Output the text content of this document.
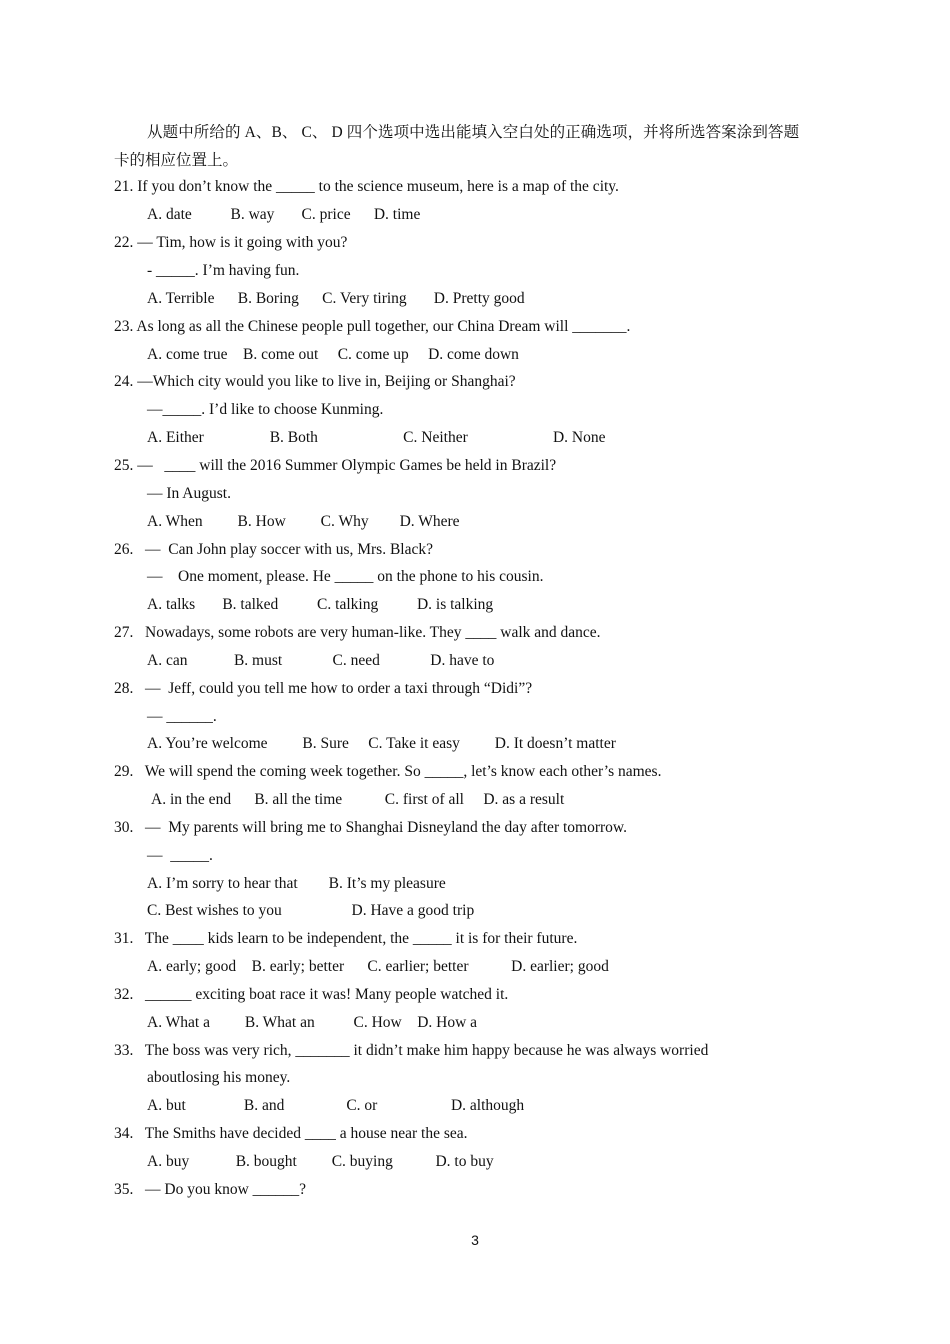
从题中所给的 A、B、 C、 D 四个选项中选出能填入空白处的正确选项，并将所选答案涂到答题
卡的相应位置上。
21. If you don’t know the _____ to the science museum, here is a map of the city.
A. date          B. way       C. price      D. time
22. — Tim, how is it going with you?
- _____. I’m having fun.
A. Terrible      B. Boring      C. Very tiring       D. Pretty good
23. As long as all the Chinese people pull together, our China Dream will _______.
A. come true    B. come out     C. come up     D. come down
24. —Which city would you like to live in, Beijing or Shanghai?
—_____. I’d like to choose Kunming.
A. Either                 B. Both                      C. Neither                      D. None
25. —   ____ will the 2016 Summer Olympic Games be held in Brazil?
— In August.
A. When         B. How         C. Why        D. Where
26.   —  Can John play soccer with us, Mrs. Black?
—    One moment, please. He _____ on the phone to his cousin.
A. talks       B. talked          C. talking          D. is talking
27.   Nowadays, some robots are very human-like. They ____ walk and dance.
A. can            B. must             C. need             D. have to
28.   —  Jeff, could you tell me how to order a taxi through “Didi”?
— ______.
A. You’re welcome         B. Sure     C. Take it easy         D. It doesn’t matter
29.   We will spend the coming week together. So _____, let’s know each other’s names.
A. in the end      B. all the time           C. first of all     D. as a result
30.   —  My parents will bring me to Shanghai Disneyland the day after tomorrow.
—  _____.
A. I’m sorry to hear that        B. It’s my pleasure
C. Best wishes to you                  D. Have a good trip
31.   The ____ kids learn to be independent, the _____ it is for their future.
A. early; good    B. early; better      C. earlier; better           D. earlier; good
32.   ______ exciting boat race it was! Many people watched it.
A. What a         B. What an          C. How    D. How a
33.   The boss was very rich, _______ it didn’t make him happy because he was always worried
aboutlosing his money.
A. but               B. and                C. or                   D. although
34.   The Smiths have decided ____ a house near the sea.
A. buy            B. bought         C. buying           D. to buy
35.   — Do you know ______?
3
